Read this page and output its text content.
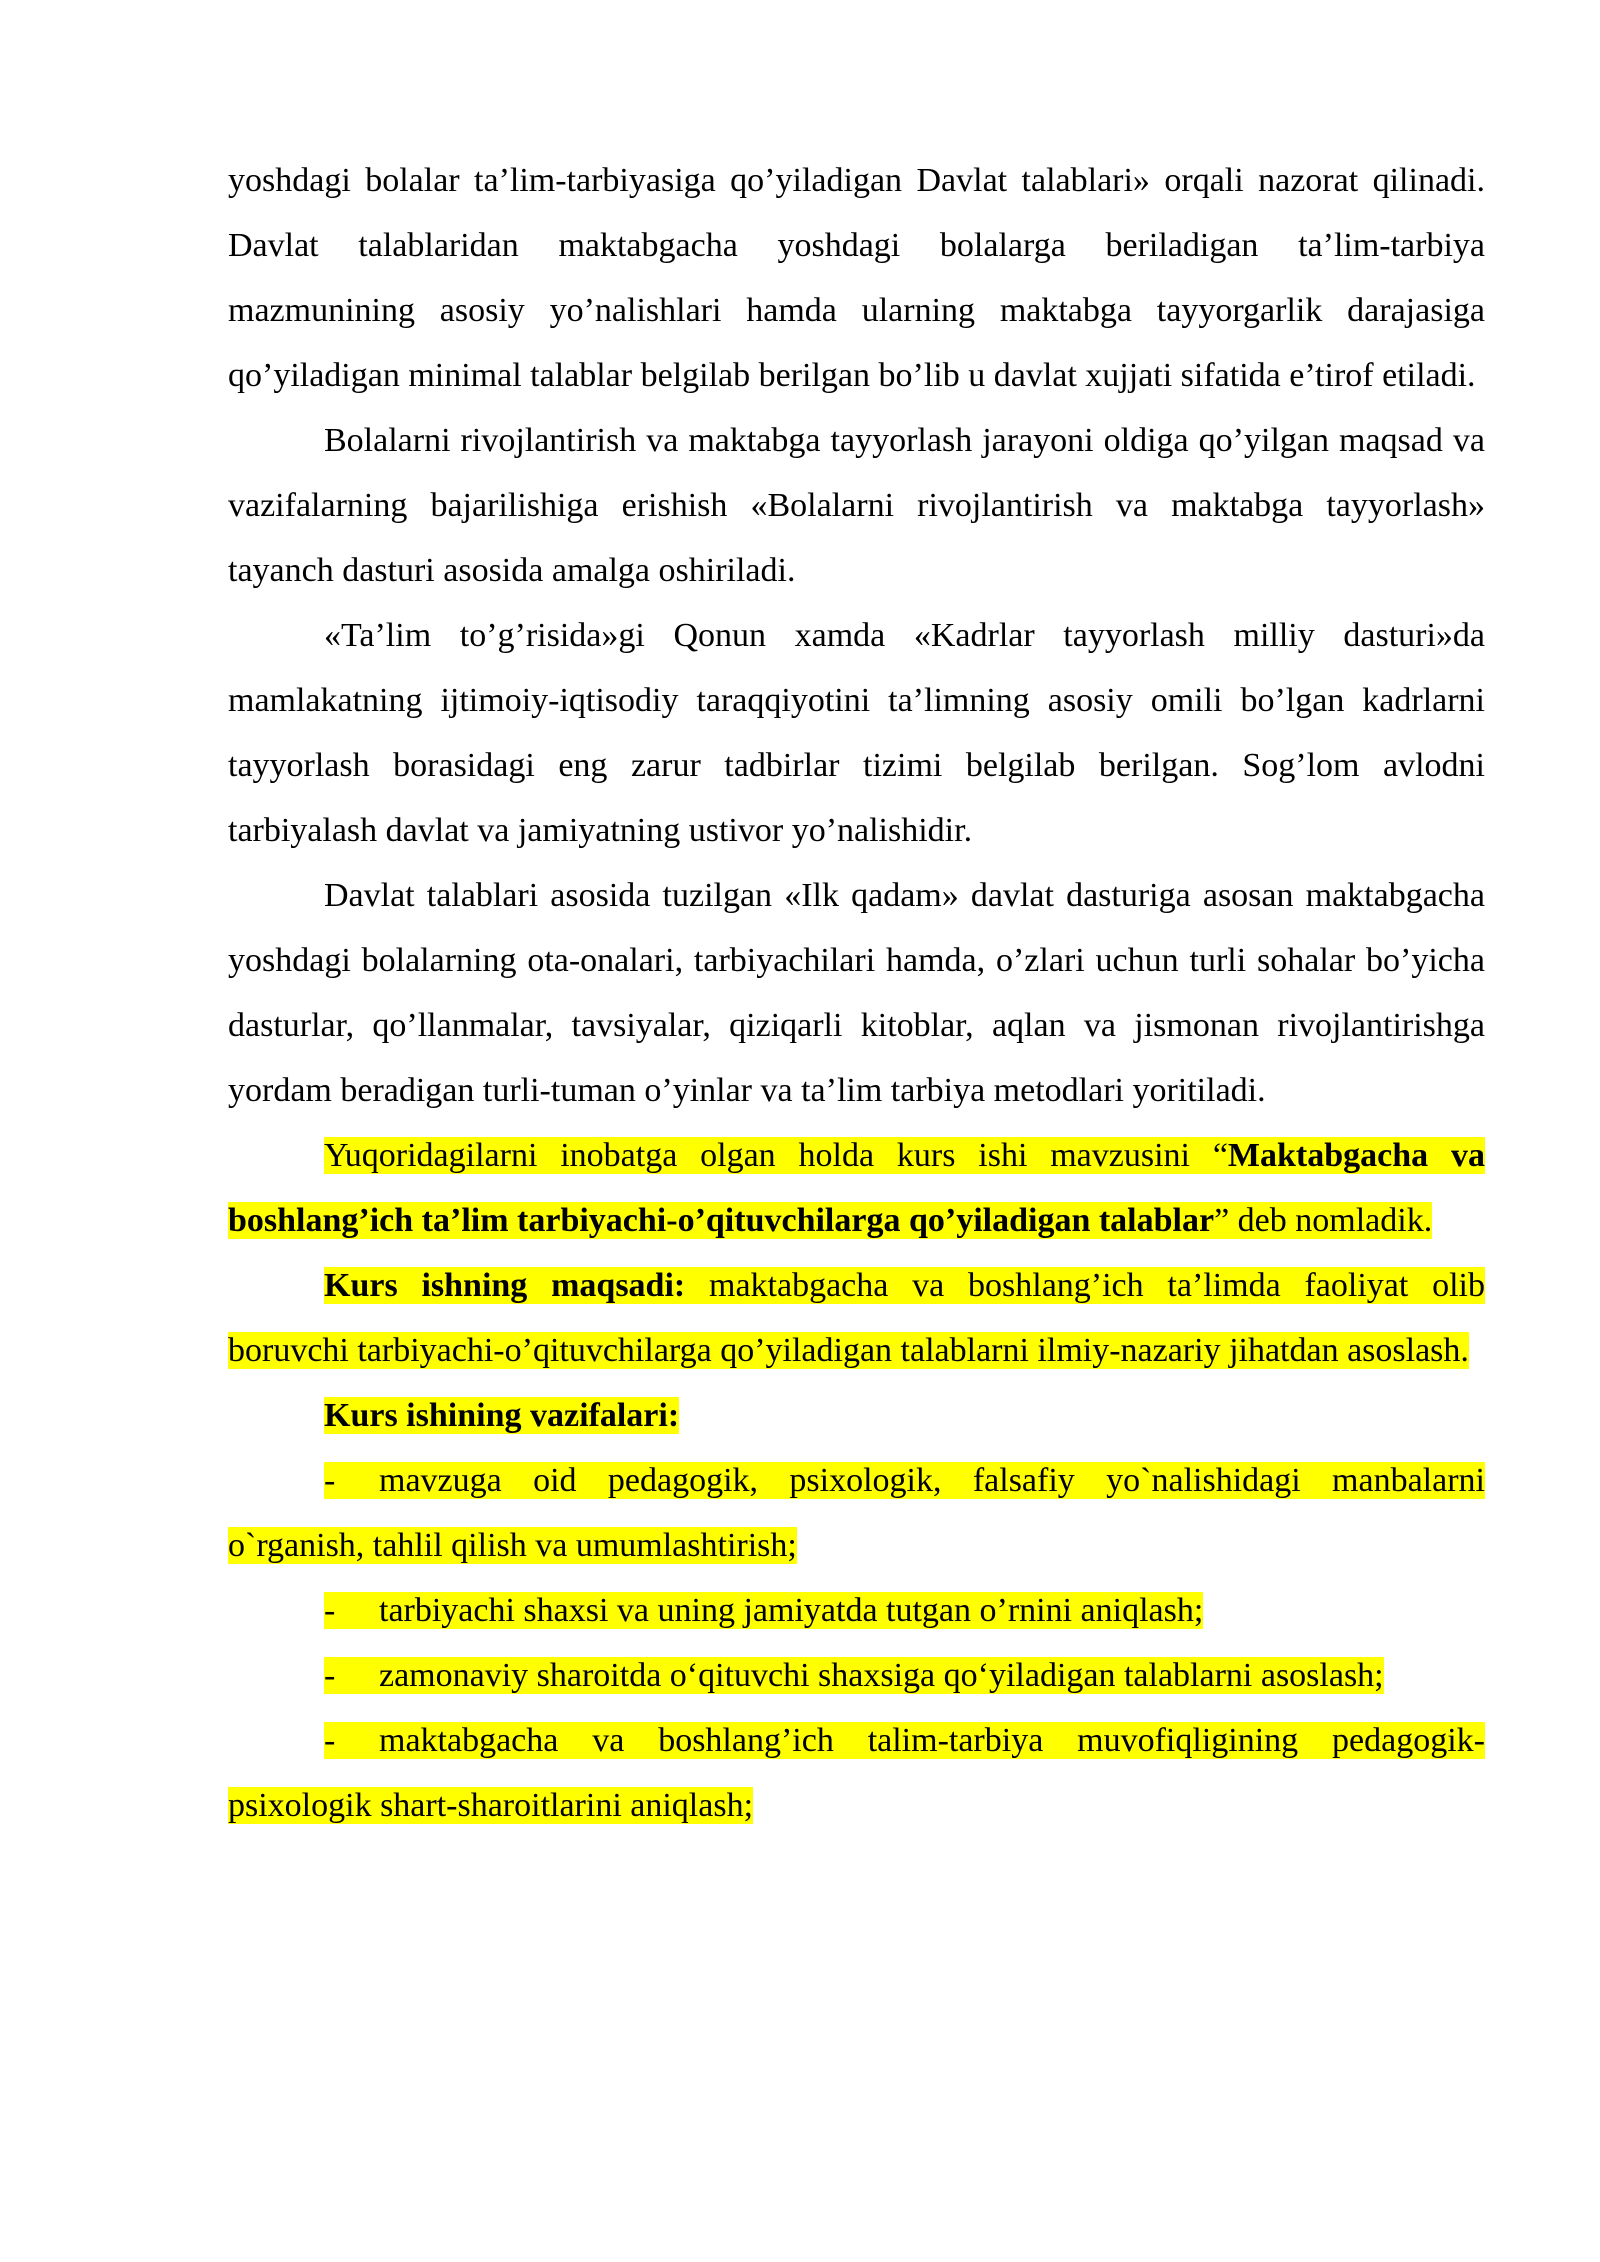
yoshdagi bolalar ta’lim-tarbiyasiga qo’yiladigan Davlat talablari» orqali nazorat qilinadi. Davlat talablaridan maktabgacha yoshdagi bolalarga beriladigan ta’lim-tarbiya mazmunining asosiy yo’nalishlari hamda ularning maktabga tayyorgarlik darajasiga qo’yiladigan minimal talablar belgilab berilgan bo’lib u davlat xujjati sifatida e’tirof etiladi.

Bolalarni rivojlantirish va maktabga tayyorlash jarayoni oldiga qo’yilgan maqsad va vazifalarning bajarilishiga erishish «Bolalarni rivojlantirish va maktabga tayyorlash» tayanch dasturi asosida amalga oshiriladi.

«Ta’lim to’g’risida»gi Qonun xamda «Kadrlar tayyorlash milliy dasturi»da mamlakatning ijtimoiy-iqtisodiy taraqqiyotini ta’limning asosiy omili bo’lgan kadrlarni tayyorlash borasidagi eng zarur tadbirlar tizimi belgilab berilgan. Sog’lom avlodni tarbiyalash davlat va jamiyatning ustivor yo’nalishidir.

Davlat talablari asosida tuzilgan «Ilk qadam» davlat dasturiga asosan maktabgacha yoshdagi bolalarning ota-onalari, tarbiyachilari hamda, o’zlari uchun turli sohalar bo’yicha dasturlar, qo’llanmalar, tavsiyalar, qiziqarli kitoblar, aqlan va jismonan rivojlantirishga yordam beradigan turli-tuman o’yinlar va ta’lim tarbiya metodlari yoritiladi.

Yuqoridagilarni inobatga olgan holda kurs ishi mavzusini “Maktabgacha va boshlang’ich ta’lim tarbiyachi-o’qituvchilarga qo’yiladigan talablar” deb nomladik.

Kurs ishning maqsadi: maktabgacha va boshlang’ich ta’limda faoliyat olib boruvchi tarbiyachi-o’qituvchilarga qo’yiladigan talablarni ilmiy-nazariy jihatdan asoslash.

Kurs ishining vazifalari:

- mavzuga oid pedagogik, psixologik, falsafiy yo`nalishidagi manbalarni o`rganish, tahlil qilish va umumlashtirish;

- tarbiyachi shaxsi va uning jamiyatda tutgan o’rnini aniqlash;

- zamonaviy sharoitda o‘qituvchi shaxsiga qo‘yiladigan talablarni asoslash;

- maktabgacha va boshlang’ich talim-tarbiya muvofiqligining pedagogik-psixologik shart-sharoitlarini aniqlash;
